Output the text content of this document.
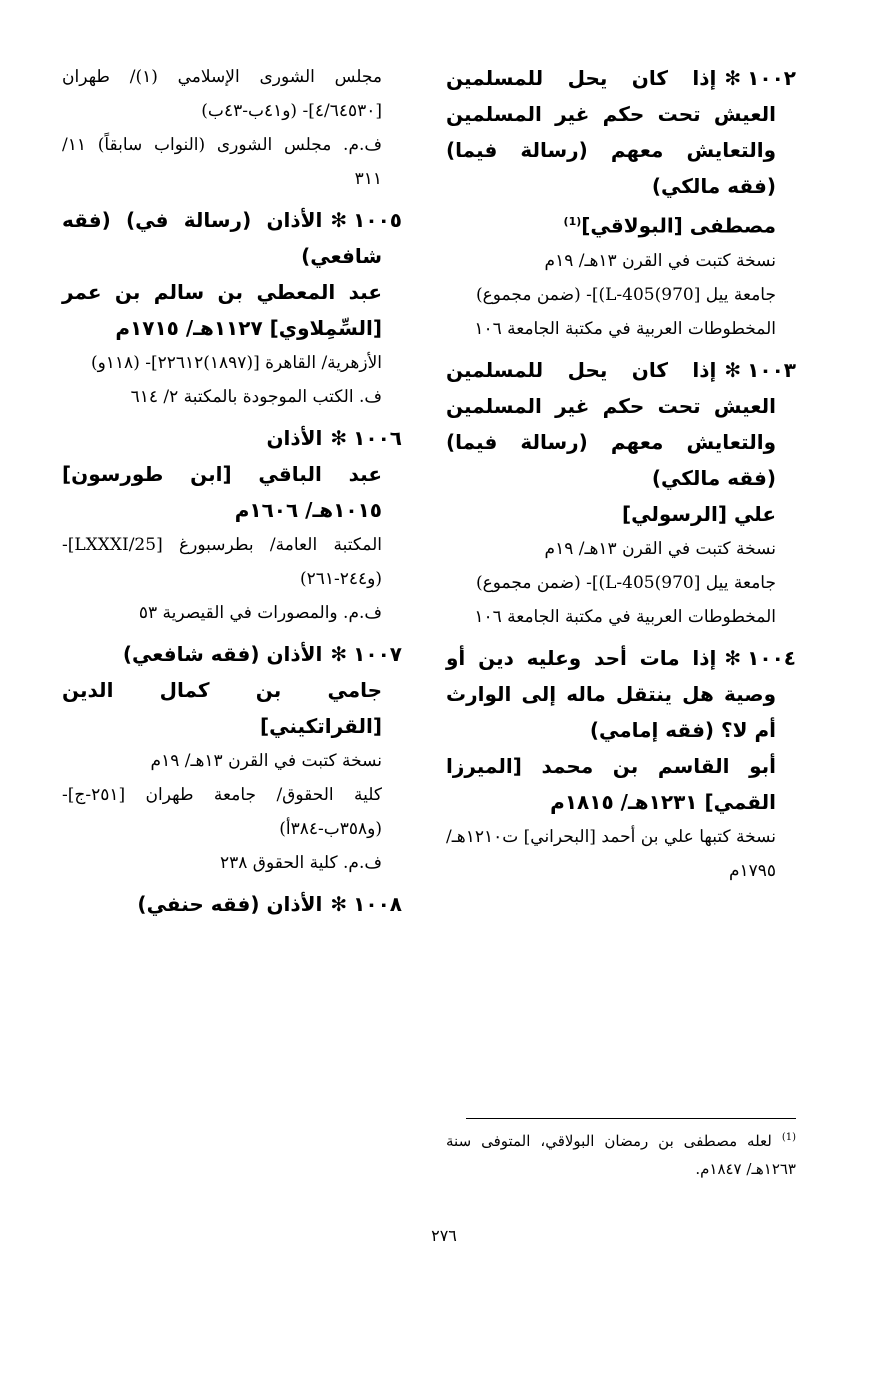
١٠٠٢✻إذا كان يحل للمسلمين العيش تحت حكم غير المسلمين والتعايش معهم (رسالة فيما) (فقه مالكي)
مصطفى [البولاقي]$^{(1)}$
نسخة كتبت في القرن ١٣هـ/ ١٩م
جامعة ييل [970)L-405)]- (ضمن مجموع)
المخطوطات العربية في مكتبة الجامعة ١٠٦
١٠٠٣✻إذا كان يحل للمسلمين العيش تحت حكم غير المسلمين والتعايش معهم (رسالة فيما) (فقه مالكي)
علي [الرسولي]
نسخة كتبت في القرن ١٣هـ/ ١٩م
جامعة ييل [970)L-405)]- (ضمن مجموع)
المخطوطات العربية في مكتبة الجامعة ١٠٦
١٠٠٤✻إذا مات أحد وعليه دين أو وصية هل ينتقل ماله إلى الوارث أم لا؟ (فقه إمامي)
أبو القاسم بن محمد [الميرزا القمي] ١٢٣١هـ/ ١٨١٥م
نسخة كتبها علي بن أحمد [البحراني] ت١٢١٠هـ/ ١٧٩٥م
مجلس الشورى الإسلامي (١)/ طهران [٤/٦٤٥٣٠]- (و٤١ب-٤٣ب)
ف.م. مجلس الشورى (النواب سابقاً) ١١/ ٣١١
١٠٠٥✻الأذان (رسالة في) (فقه شافعي)
عبد المعطي بن سالم بن عمر [السِّمِلاوي] ١١٢٧هـ/ ١٧١٥م
الأزهرية/ القاهرة [(١٨٩٧)٢٢٦١٢]- (١١٨و)
ف. الكتب الموجودة بالمكتبة ٢/ ٦١٤
١٠٠٦✻الأذان
عبد الباقي [ابن طورسون] ١٠١٥هـ/ ١٦٠٦م
المكتبة العامة/ بطرسبورغ [LXXXI/25]- (و٢٤٤-٢٦١)
ف.م. والمصورات في القيصرية ٥٣
١٠٠٧✻الأذان (فقه شافعي)
جامي بن كمال الدين [القراتكيني]
نسخة كتبت في القرن ١٣هـ/ ١٩م
كلية الحقوق/ جامعة طهران [٢٥١-ج]- (و٣٥٨ب-٣٨٤أ)
ف.م. كلية الحقوق ٢٣٨
١٠٠٨✻الأذان (فقه حنفي)
$^{(1)}$ لعله مصطفى بن رمضان البولاقي، المتوفى سنة ١٢٦٣هـ/ ١٨٤٧م.
٢٧٦
